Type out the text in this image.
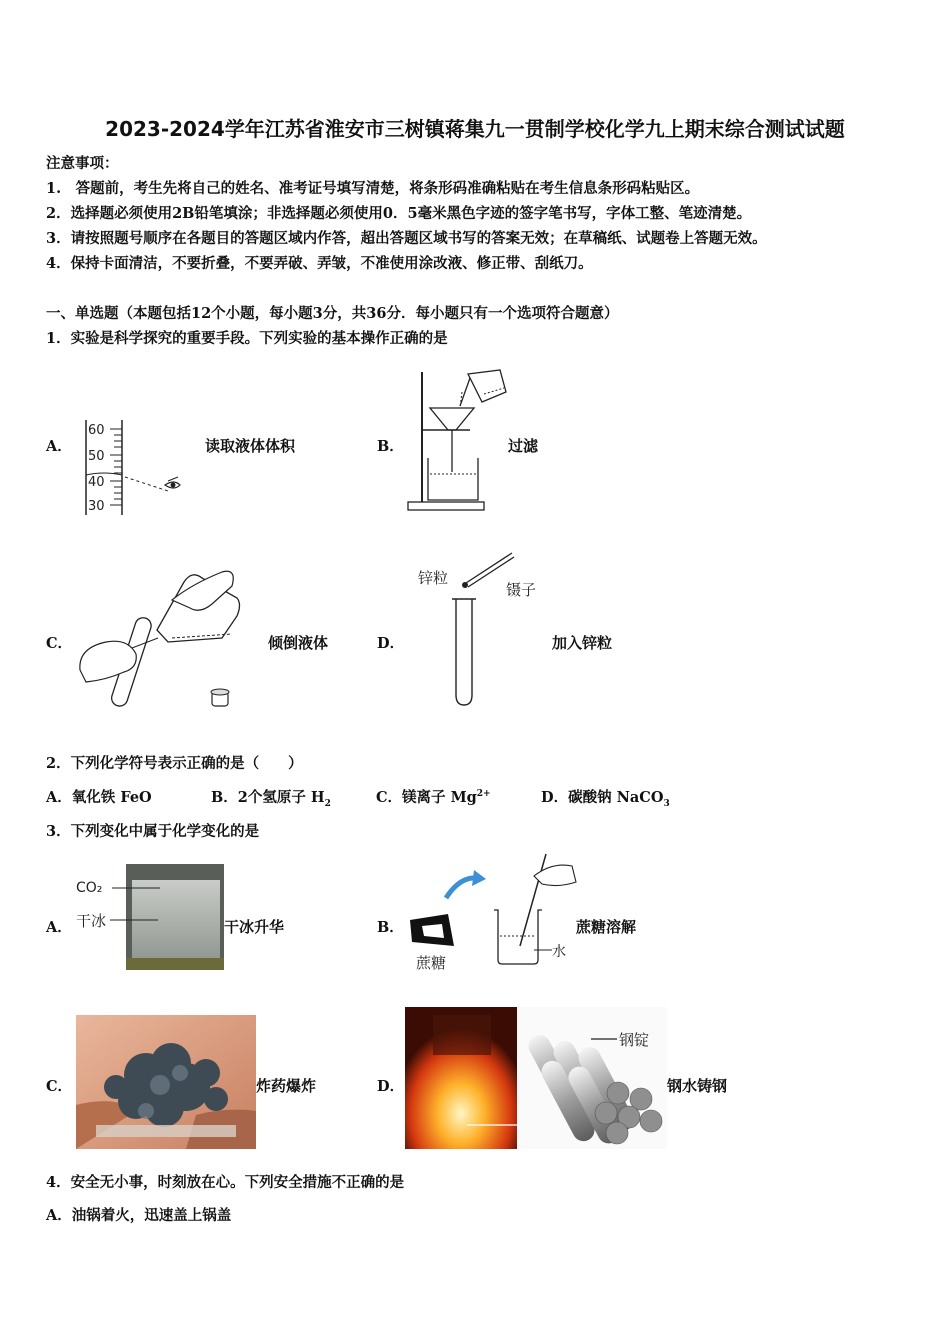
2023-2024学年江苏省淮安市三树镇蒋集九一贯制学校化学九上期末综合测试试题
注意事项：
1.　答题前，考生先将自己的姓名、准考证号填写清楚，将条形码准确粘贴在考生信息条形码粘贴区。
2．选择题必须使用2B铅笔填涂；非选择题必须使用0．5毫米黑色字迹的签字笔书写，字体工整、笔迹清楚。
3．请按照题号顺序在各题目的答题区域内作答，超出答题区域书写的答案无效；在草稿纸、试题卷上答题无效。
4．保持卡面清洁，不要折叠，不要弄破、弄皱，不准使用涂改液、修正带、刮纸刀。
一、单选题（本题包括12个小题，每小题3分，共36分．每小题只有一个选项符合题意）
1．实验是科学探究的重要手段。下列实验的基本操作正确的是
A．
60
50
40
30
读取液体体积	B．	过滤
C．	倾倒液体	D．
锌粒
镊子
加入锌粒
2．下列化学符号表示正确的是（　　）
A．氧化铁 FeO	B．2个氢原子 $H_2$	C．镁离子 $Mg^{2+}$	D．碳酸钠 NaCO$_3$
3．下列变化中属于化学变化的是
A．
CO₂
干冰	干冰升华	B．
蔗糖
水
蔗糖溶解
C．	炸药爆炸	D．
钢锭
钢水铸钢
4．安全无小事，时刻放在心。下列安全措施不正确的是
A．油锅着火，迅速盖上锅盖
